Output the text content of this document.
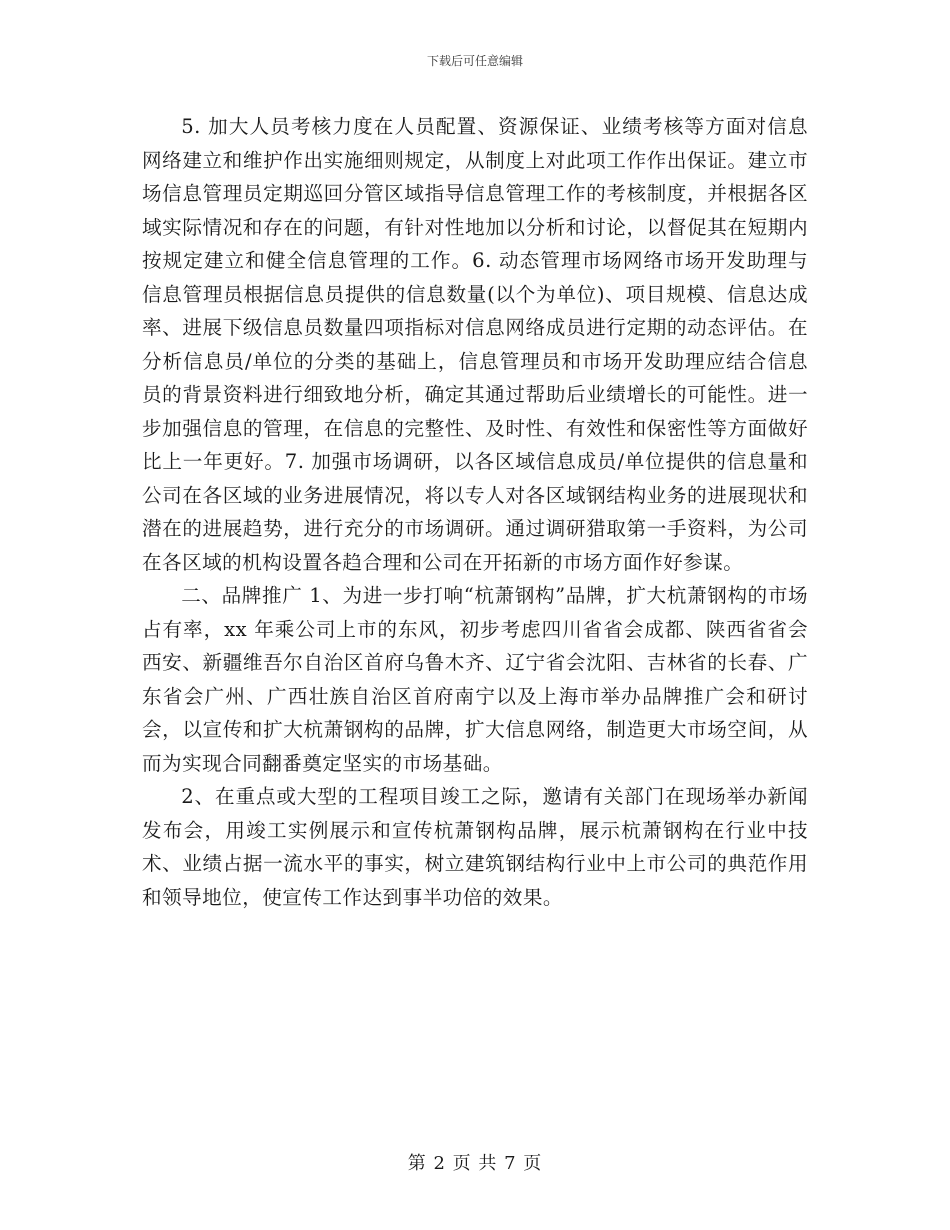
下载后可任意编辑

5. 加大人员考核力度在人员配置、资源保证、业绩考核等方面对信息网络建立和维护作出实施细则规定，从制度上对此项工作作出保证。建立市场信息管理员定期巡回分管区域指导信息管理工作的考核制度，并根据各区域实际情况和存在的问题，有针对性地加以分析和讨论，以督促其在短期内按规定建立和健全信息管理的工作。6. 动态管理市场网络市场开发助理与信息管理员根据信息员提供的信息数量(以个为单位)、项目规模、信息达成率、进展下级信息员数量四项指标对信息网络成员进行定期的动态评估。在分析信息员/单位的分类的基础上，信息管理员和市场开发助理应结合信息员的背景资料进行细致地分析，确定其通过帮助后业绩增长的可能性。进一步加强信息的管理，在信息的完整性、及时性、有效性和保密性等方面做好比上一年更好。7. 加强市场调研，以各区域信息成员/单位提供的信息量和公司在各区域的业务进展情况，将以专人对各区域钢结构业务的进展现状和潜在的进展趋势，进行充分的市场调研。通过调研猎取第一手资料，为公司在各区域的机构设置各趋合理和公司在开拓新的市场方面作好参谋。

二、品牌推广 1、为进一步打响“杭萧钢构”品牌，扩大杭萧钢构的市场占有率，xx 年乘公司上市的东风，初步考虑四川省省会成都、陕西省省会西安、新疆维吾尔自治区首府乌鲁木齐、辽宁省会沈阳、吉林省的长春、广东省会广州、广西壮族自治区首府南宁以及上海市举办品牌推广会和研讨会，以宣传和扩大杭萧钢构的品牌，扩大信息网络，制造更大市场空间，从而为实现合同翻番奠定坚实的市场基础。

2、在重点或大型的工程项目竣工之际，邀请有关部门在现场举办新闻发布会，用竣工实例展示和宣传杭萧钢构品牌，展示杭萧钢构在行业中技术、业绩占据一流水平的事实，树立建筑钢结构行业中上市公司的典范作用和领导地位，使宣传工作达到事半功倍的效果。

第 2 页 共 7 页
